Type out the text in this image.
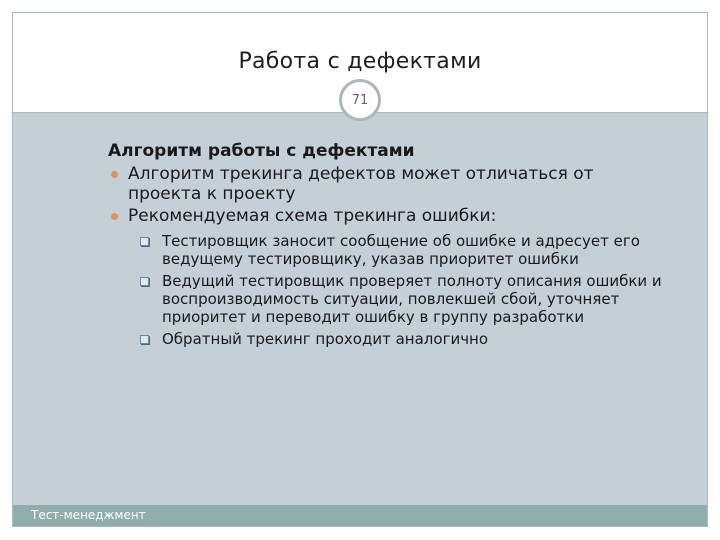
Работа с дефектами
71
Тест-менеджмент
Алгоритм работы с дефектами
Алгоритм трекинга дефектов может отличаться от проекта к проекту
Рекомендуемая схема трекинга ошибки:
Тестировщик заносит сообщение об ошибке и адресует его ведущему тестировщику, указав приоритет ошибки
Ведущий тестировщик проверяет полноту описания ошибки и воспроизводимость ситуации, повлекшей сбой, уточняет приоритет и переводит ошибку в группу разработки
Обратный трекинг проходит аналогично
